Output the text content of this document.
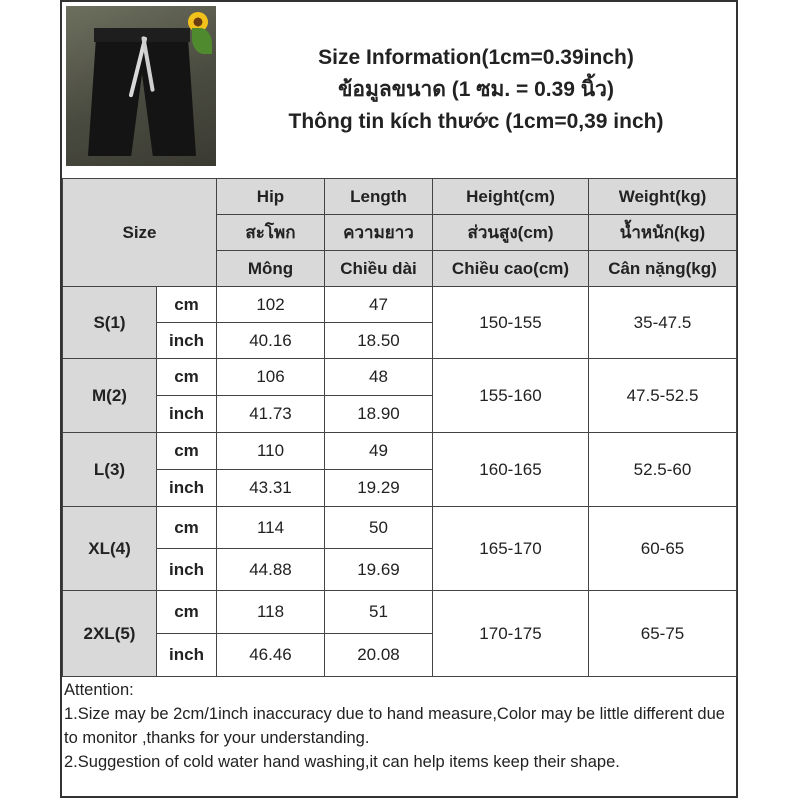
Size Information(1cm=0.39inch)
ข้อมูลขนาด (1 ซม. = 0.39 นิ้ว)
Thông tin kích thước (1cm=0,39 inch)
Size		Hip	Length	Height(cm)	Weight(kg)
		สะโพก	ความยาว	ส่วนสูง(cm)	น้ำหนัก(kg)
		Mông	Chiều dài	Chiều cao(cm)	Cân nặng(kg)
S(1)	cm	102	47	150-155	35-47.5
	inch	40.16	18.50		
M(2)	cm	106	48	155-160	47.5-52.5
	inch	41.73	18.90		
L(3)	cm	110	49	160-165	52.5-60
	inch	43.31	19.29		
XL(4)	cm	114	50	165-170	60-65
	inch	44.88	19.69		
2XL(5)	cm	118	51	170-175	65-75
	inch	46.46	20.08		
Attention:
1.Size may be 2cm/1inch inaccuracy due to hand measure,Color may be little different due to monitor ,thanks for your understanding.
2.Suggestion of cold water hand washing,it can help items keep their shape.
